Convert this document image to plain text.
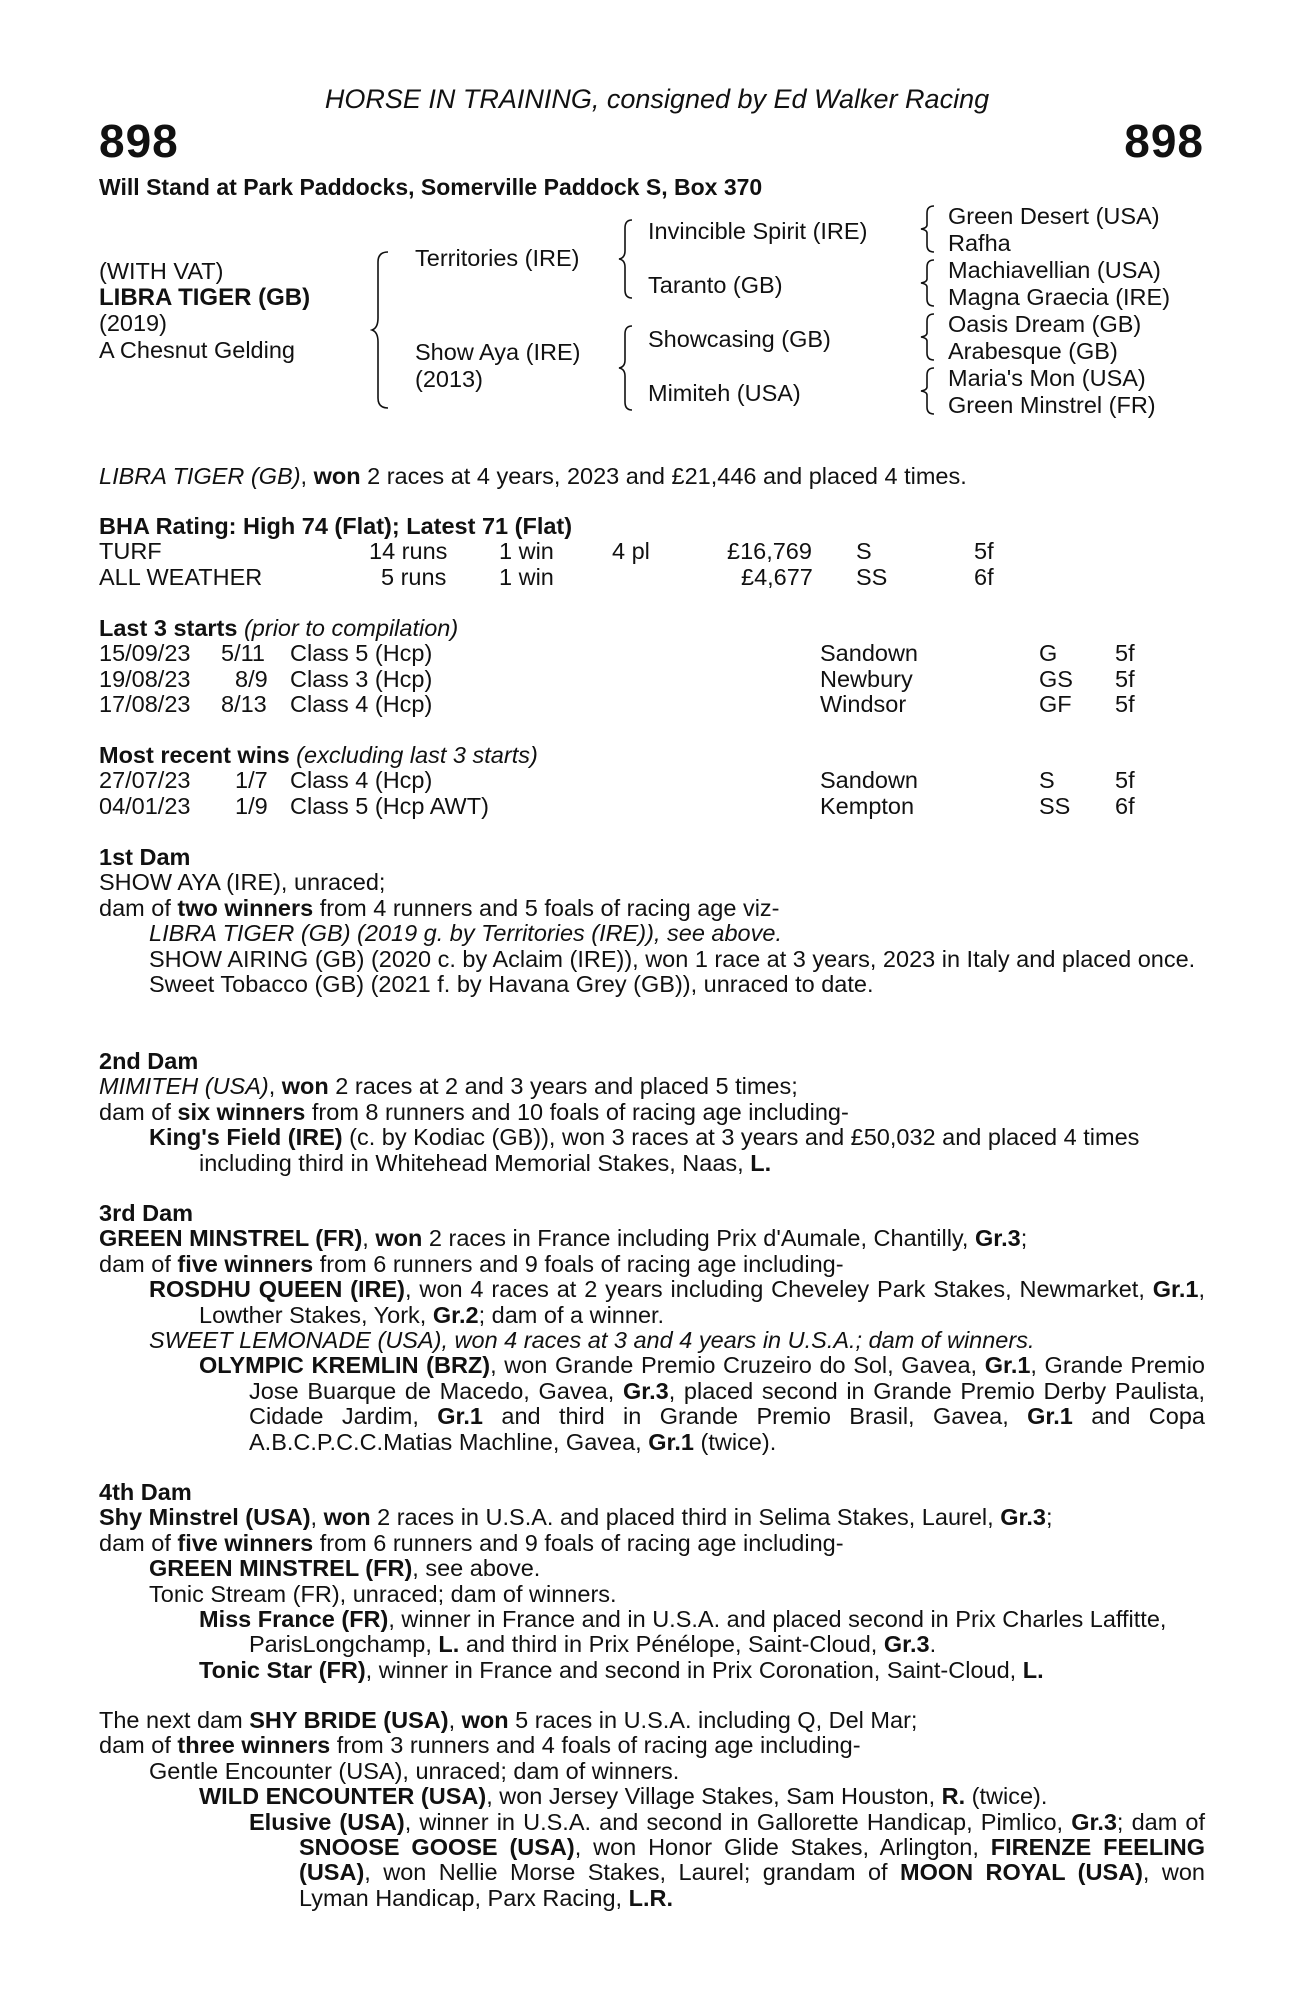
HORSE IN TRAINING, consigned by Ed Walker Racing
898	898
Will Stand at Park Paddocks, Somerville Paddock S, Box 370
(WITH VAT)
LIBRA TIGER (GB)
(2019)
A Chesnut Gelding
Territories (IRE)
Show Aya (IRE)
(2013)
Invincible Spirit (IRE)
Taranto (GB)
Showcasing (GB)
Mimiteh (USA)
Green Desert (USA)
Rafha
Machiavellian (USA)
Magna Graecia (IRE)
Oasis Dream (GB)
Arabesque (GB)
Maria's Mon (USA)
Green Minstrel (FR)

LIBRA TIGER (GB), won 2 races at 4 years, 2023 and £21,446 and placed 4 times.

BHA Rating: High 74 (Flat); Latest 71 (Flat)

TURF	14 runs 1 win 4 pl	£16,769 S	5f
ALL WEATHER	5 runs 1 win	£4,677 SS	6f

Last 3 starts (prior to compilation)

15/09/23 5/11 Class 5 (Hcp)	Sandown	G 5f
19/08/23 8/9 Class 3 (Hcp)	Newbury	GS 5f
17/08/23 8/13 Class 4 (Hcp)	Windsor	GF 5f

Most recent wins (excluding last 3 starts)

27/07/23 1/7 Class 4 (Hcp)	Sandown	S	5f
04/01/23 1/9 Class 5 (Hcp AWT)	Kempton	SS 6f

1st Dam

SHOW AYA (IRE), unraced;

dam of two winners from 4 runners and 5 foals of racing age viz-

LIBRA TIGER (GB) (2019 g. by Territories (IRE)), see above.

SHOW AIRING (GB) (2020 c. by Aclaim (IRE)), won 1 race at 3 years, 2023 in Italy and placed once.

Sweet Tobacco (GB) (2021 f. by Havana Grey (GB)), unraced to date.

2nd Dam

MIMITEH (USA), won 2 races at 2 and 3 years and placed 5 times;

dam of six winners from 8 runners and 10 foals of racing age including-

King's Field (IRE) (c. by Kodiac (GB)), won 3 races at 3 years and £50,032 and placed 4 times including third in Whitehead Memorial Stakes, Naas, L.

3rd Dam

GREEN MINSTREL (FR), won 2 races in France including Prix d'Aumale, Chantilly, Gr.3;

dam of five winners from 6 runners and 9 foals of racing age including-

ROSDHU QUEEN (IRE), won 4 races at 2 years including Cheveley Park Stakes, Newmarket, Gr.1, Lowther Stakes, York, Gr.2; dam of a winner.

SWEET LEMONADE (USA), won 4 races at 3 and 4 years in U.S.A.; dam of winners.

OLYMPIC KREMLIN (BRZ), won Grande Premio Cruzeiro do Sol, Gavea, Gr.1, Grande Premio Jose Buarque de Macedo, Gavea, Gr.3, placed second in Grande Premio Derby Paulista, Cidade Jardim, Gr.1 and third in Grande Premio Brasil, Gavea, Gr.1 and Copa A.B.C.P.C.C.Matias Machline, Gavea, Gr.1 (twice).

4th Dam

Shy Minstrel (USA), won 2 races in U.S.A. and placed third in Selima Stakes, Laurel, Gr.3;

dam of five winners from 6 runners and 9 foals of racing age including-

GREEN MINSTREL (FR), see above.

Tonic Stream (FR), unraced; dam of winners.

Miss France (FR), winner in France and in U.S.A. and placed second in Prix Charles Laffitte, ParisLongchamp, L. and third in Prix Pénélope, Saint-Cloud, Gr.3.

Tonic Star (FR), winner in France and second in Prix Coronation, Saint-Cloud, L.

The next dam SHY BRIDE (USA), won 5 races in U.S.A. including Q, Del Mar;

dam of three winners from 3 runners and 4 foals of racing age including-

Gentle Encounter (USA), unraced; dam of winners.

WILD ENCOUNTER (USA), won Jersey Village Stakes, Sam Houston, R. (twice).

Elusive (USA), winner in U.S.A. and second in Gallorette Handicap, Pimlico, Gr.3; dam of SNOOSE GOOSE (USA), won Honor Glide Stakes, Arlington, FIRENZE FEELING (USA), won Nellie Morse Stakes, Laurel; grandam of MOON ROYAL (USA), won Lyman Handicap, Parx Racing, L.R.
